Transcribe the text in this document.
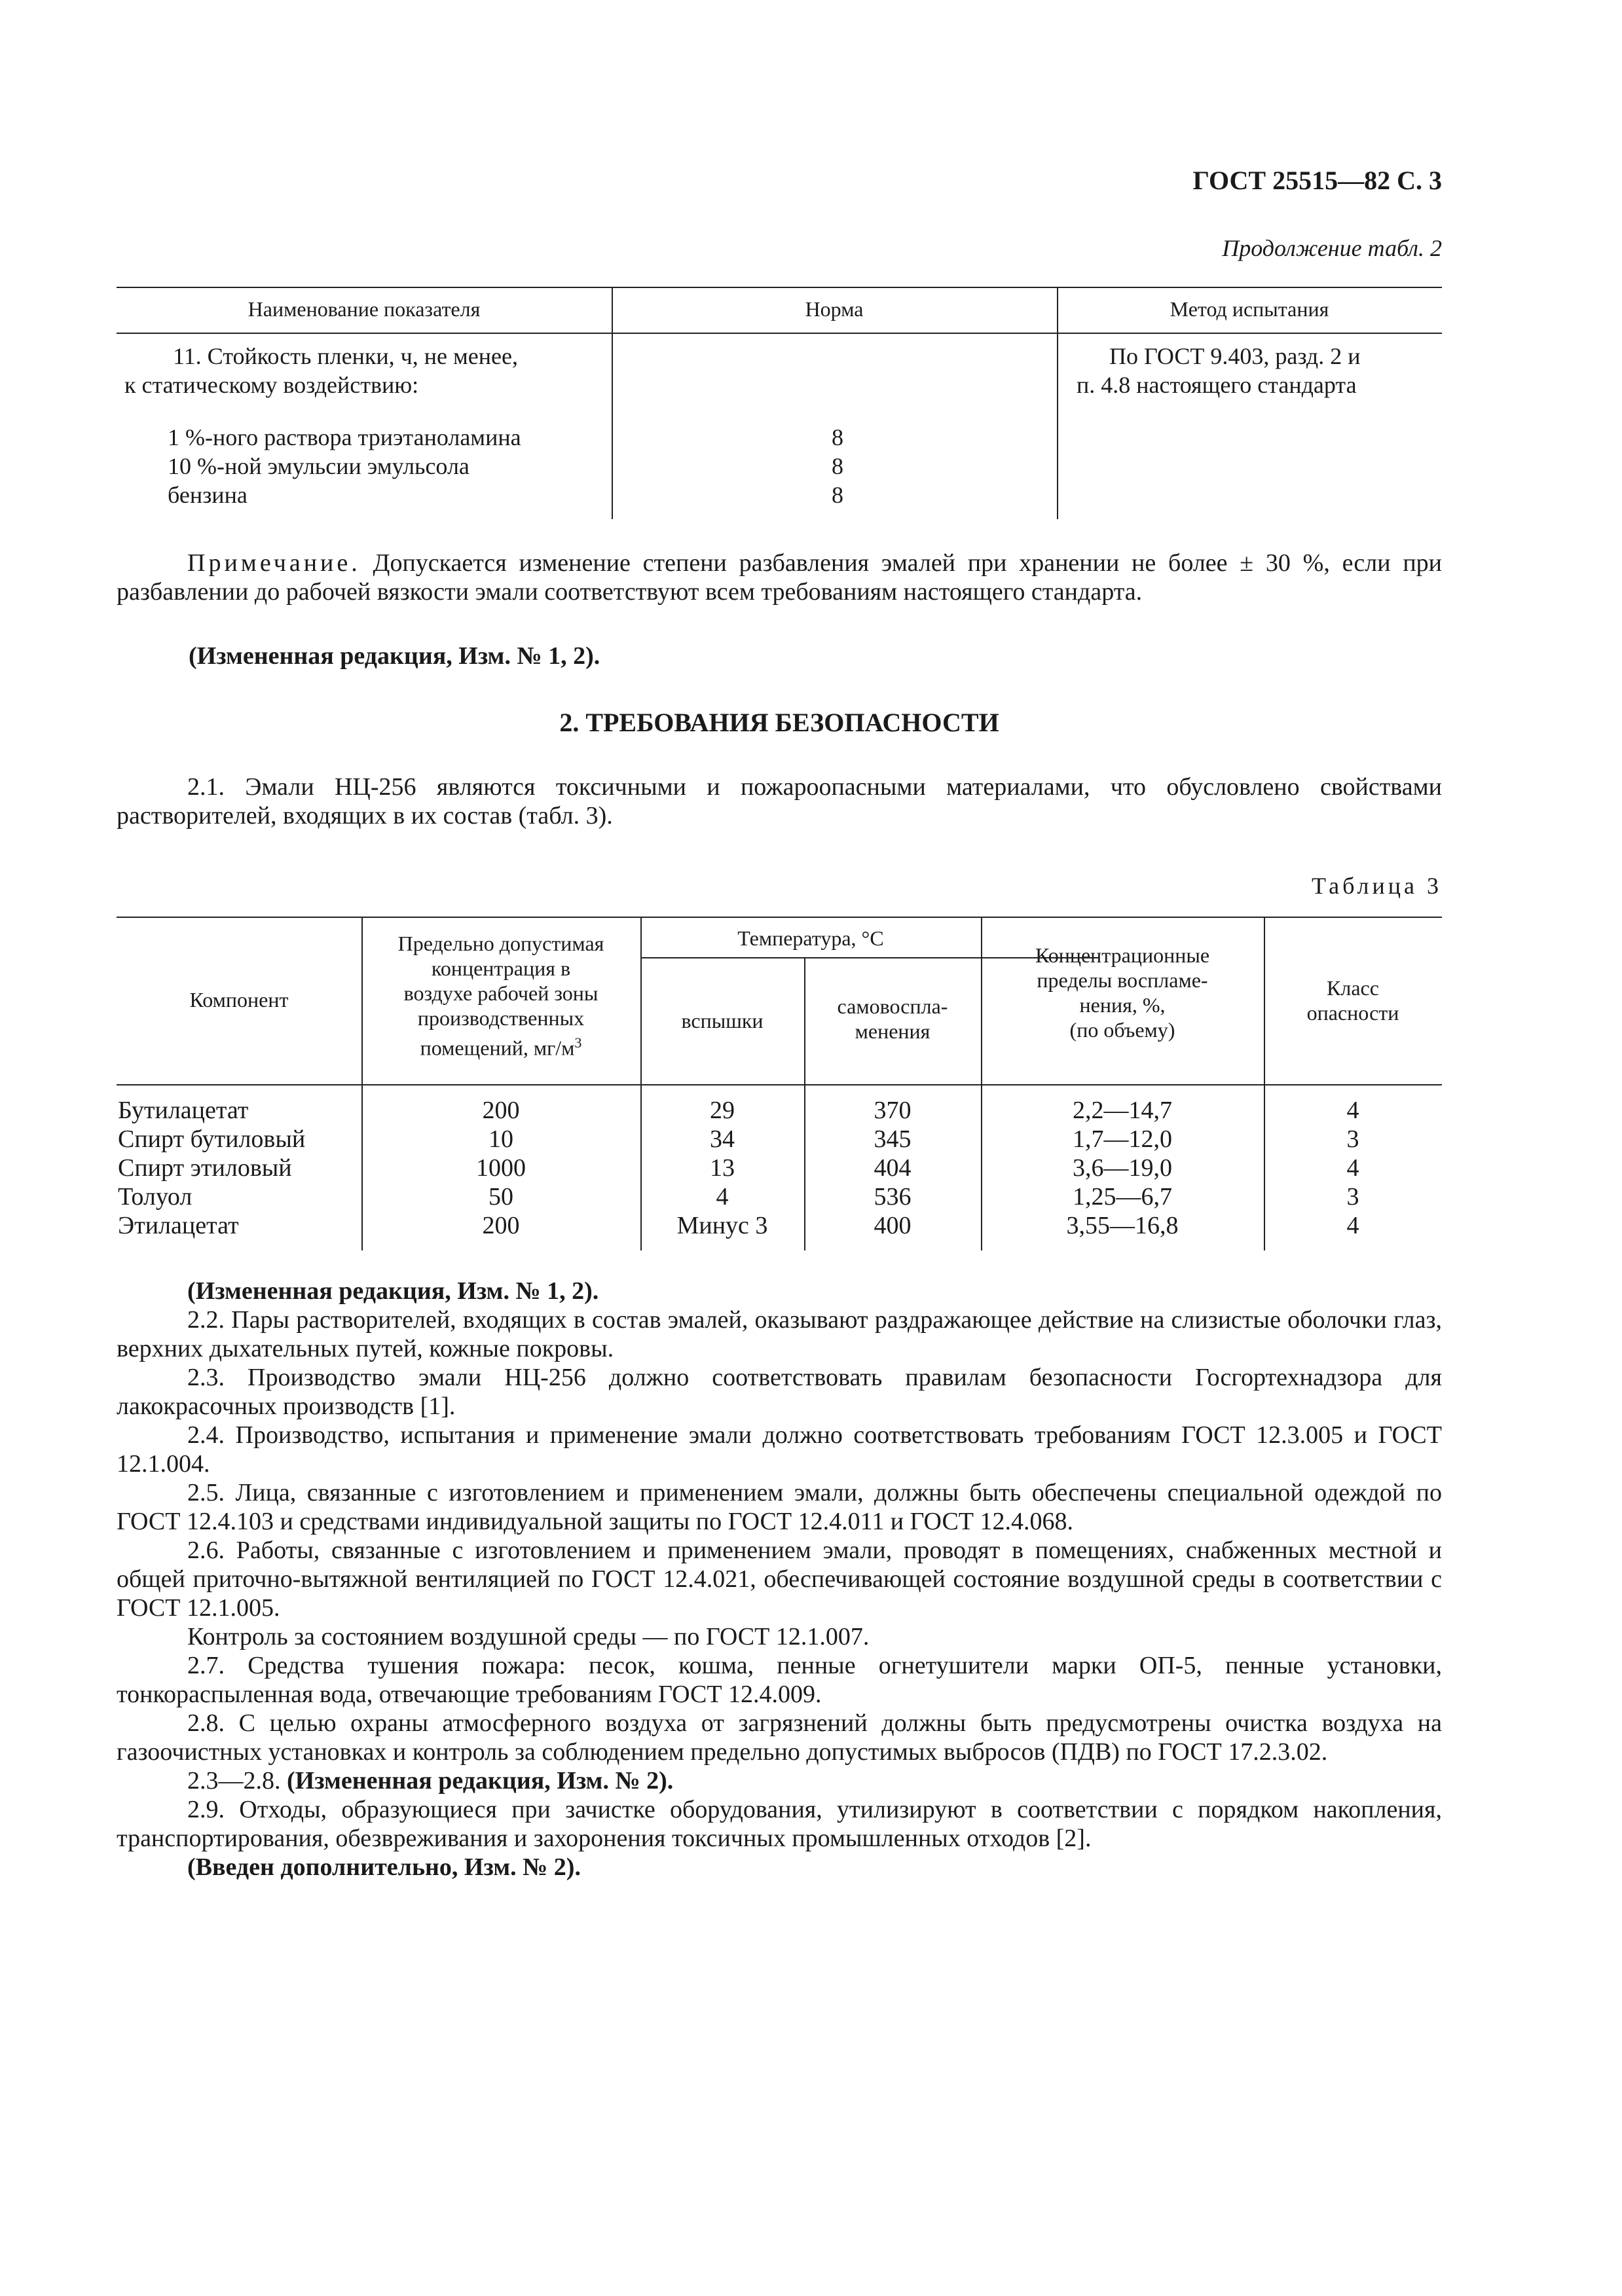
ГОСТ 25515—82 С. 3
Продолжение табл. 2
Наименование показателя	Норма	Метод испытания
11. Стойкость пленки, ч, не менее,
к статическому воздействию:
По ГОСТ 9.403, разд. 2 и
п. 4.8 настоящего стандарта
1 %-ного раствора триэтаноламина
10 %-ной эмульсии эмульсола
бензина
8
8
8
Примечание. Допускается изменение степени разбавления эмалей при хранении не более ± 30 %, если при разбавлении до рабочей вязкости эмали соответствуют всем требованиям настоящего стандарта.
(Измененная редакция, Изм. № 1, 2).
2. ТРЕБОВАНИЯ БЕЗОПАСНОСТИ
2.1. Эмали НЦ-256 являются токсичными и пожароопасными материалами, что обусловлено свойствами растворителей, входящих в их состав (табл. 3).
Таблица 3
Компонент
Предельно допустимая
концентрация в
воздухе рабочей зоны
производственных
помещений, $мг/м^3$
Температура, °С
вспышки
самовоспла-
менения
Концентрационные
пределы воспламе-
нения, %,
(по объему)
Класс
опасности
Бутилацетат
Спирт бутиловый
Спирт этиловый
Толуол
Этилацетат
200
10
1000
50
200
29
34
13
4
Минус 3
370
345
404
536
400
2,2—14,7
1,7—12,0
3,6—19,0
1,25—6,7
3,55—16,8
4
3
4
3
4

(Измененная редакция, Изм. № 1, 2).

2.2. Пары растворителей, входящих в состав эмалей, оказывают раздражающее действие на слизистые оболочки глаз, верхних дыхательных путей, кожные покровы.

2.3. Производство эмали НЦ-256 должно соответствовать правилам безопасности Госгортехнадзора для лакокрасочных производств [1].

2.4. Производство, испытания и применение эмали должно соответствовать требованиям ГОСТ 12.3.005 и ГОСТ 12.1.004.

2.5. Лица, связанные с изготовлением и применением эмали, должны быть обеспечены специальной одеждой по ГОСТ 12.4.103 и средствами индивидуальной защиты по ГОСТ 12.4.011 и ГОСТ 12.4.068.

2.6. Работы, связанные с изготовлением и применением эмали, проводят в помещениях, снабженных местной и общей приточно-вытяжной вентиляцией по ГОСТ 12.4.021, обеспечивающей состояние воздушной среды в соответствии с ГОСТ 12.1.005.

Контроль за состоянием воздушной среды — по ГОСТ 12.1.007.

2.7. Средства тушения пожара: песок, кошма, пенные огнетушители марки ОП-5, пенные установки, тонкораспыленная вода, отвечающие требованиям ГОСТ 12.4.009.

2.8. С целью охраны атмосферного воздуха от загрязнений должны быть предусмотрены очистка воздуха на газоочистных установках и контроль за соблюдением предельно допустимых выбросов (ПДВ) по ГОСТ 17.2.3.02.

2.3—2.8. (Измененная редакция, Изм. № 2).

2.9. Отходы, образующиеся при зачистке оборудования, утилизируют в соответствии с порядком накопления, транспортирования, обезвреживания и захоронения токсичных промышленных отходов [2].

(Введен дополнительно, Изм. № 2).
